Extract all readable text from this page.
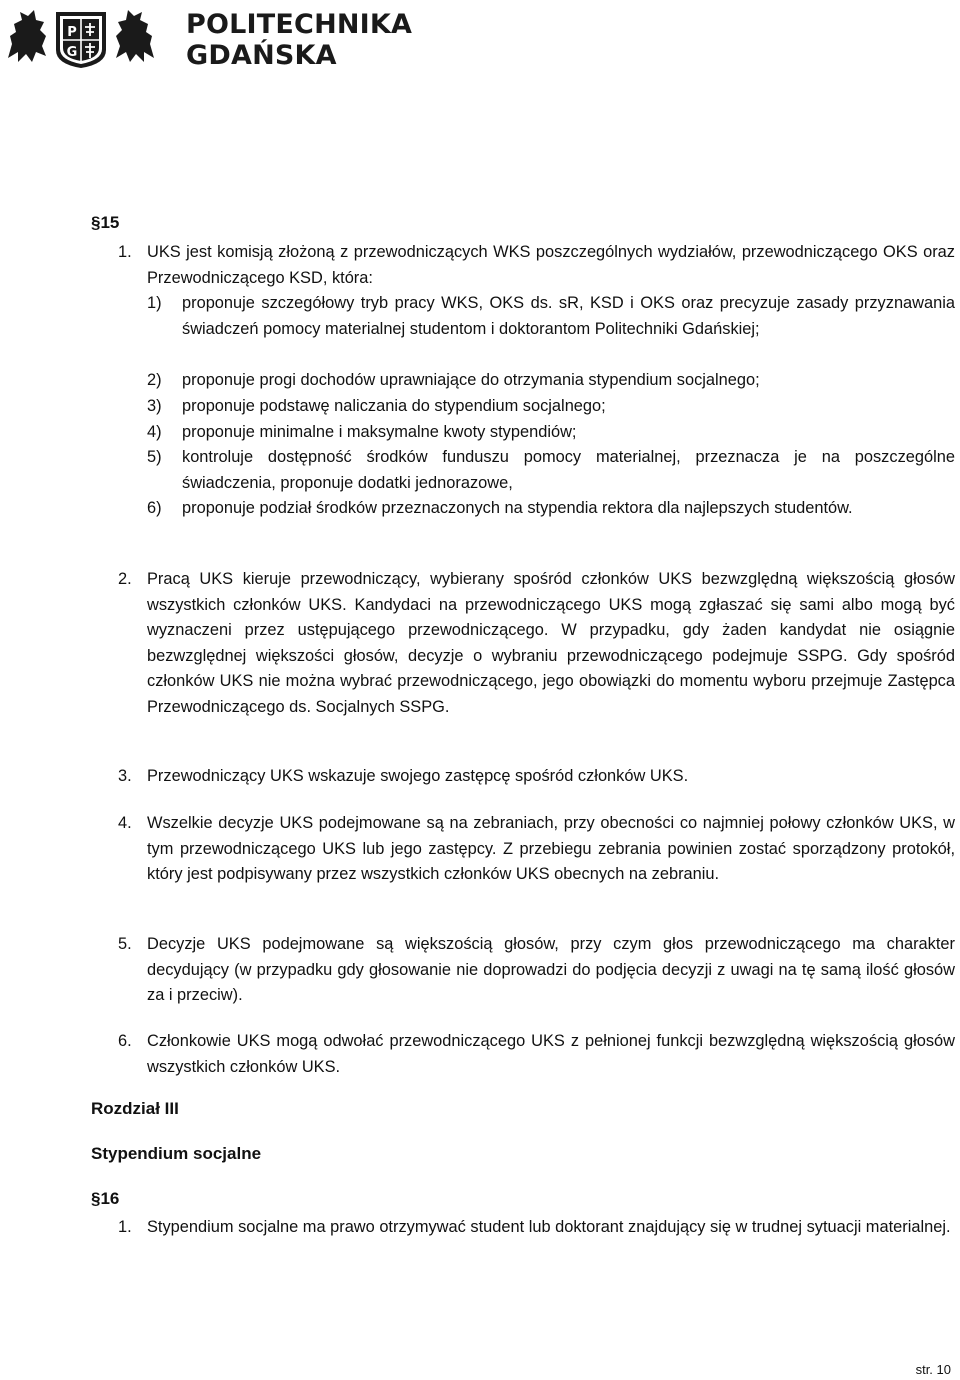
P
G
POLITECHNIKA
GDAŃSKA
§15
1. UKS jest komisją złożoną z przewodniczących WKS poszczególnych wydziałów, przewodniczącego OKS oraz Przewodniczącego KSD, która:
1) proponuje szczegółowy tryb pracy WKS, OKS ds. sR, KSD i OKS oraz precyzuje zasady przyznawania świadczeń pomocy materialnej studentom i doktorantom Politechniki Gdańskiej;
2) proponuje progi dochodów uprawniające do otrzymania stypendium socjalnego;
3) proponuje podstawę naliczania do stypendium socjalnego;
4) proponuje minimalne i maksymalne kwoty stypendiów;
5) kontroluje dostępność środków funduszu pomocy materialnej, przeznacza je na poszczególne świadczenia, proponuje dodatki jednorazowe,
6) proponuje podział środków przeznaczonych na stypendia rektora dla najlepszych studentów.
2. Pracą UKS kieruje przewodniczący, wybierany spośród członków UKS bezwzględną większością głosów wszystkich członków UKS. Kandydaci na przewodniczącego UKS mogą zgłaszać się sami albo mogą być wyznaczeni przez ustępującego przewodniczącego. W przypadku, gdy żaden kandydat nie osiągnie bezwzględnej większości głosów, decyzje o wybraniu przewodniczącego podejmuje SSPG. Gdy spośród członków UKS nie można wybrać przewodniczącego, jego obowiązki do momentu wyboru przejmuje Zastępca Przewodniczącego ds. Socjalnych SSPG.
3. Przewodniczący UKS wskazuje swojego zastępcę spośród członków UKS.
4. Wszelkie decyzje UKS podejmowane są na zebraniach, przy obecności co najmniej połowy członków UKS, w tym przewodniczącego UKS lub jego zastępcy. Z przebiegu zebrania powinien zostać sporządzony protokół, który jest podpisywany przez wszystkich członków UKS obecnych na zebraniu.
5. Decyzje UKS podejmowane są większością głosów, przy czym głos przewodniczącego ma charakter decydujący (w przypadku gdy głosowanie nie doprowadzi do podjęcia decyzji z uwagi na tę samą ilość głosów za i przeciw).
6. Członkowie UKS mogą odwołać przewodniczącego UKS z pełnionej funkcji bezwzględną większością głosów wszystkich członków UKS.
Rozdział III
Stypendium socjalne
§16
1. Stypendium socjalne ma prawo otrzymywać student lub doktorant znajdujący się w trudnej sytuacji materialnej.
str. 10
